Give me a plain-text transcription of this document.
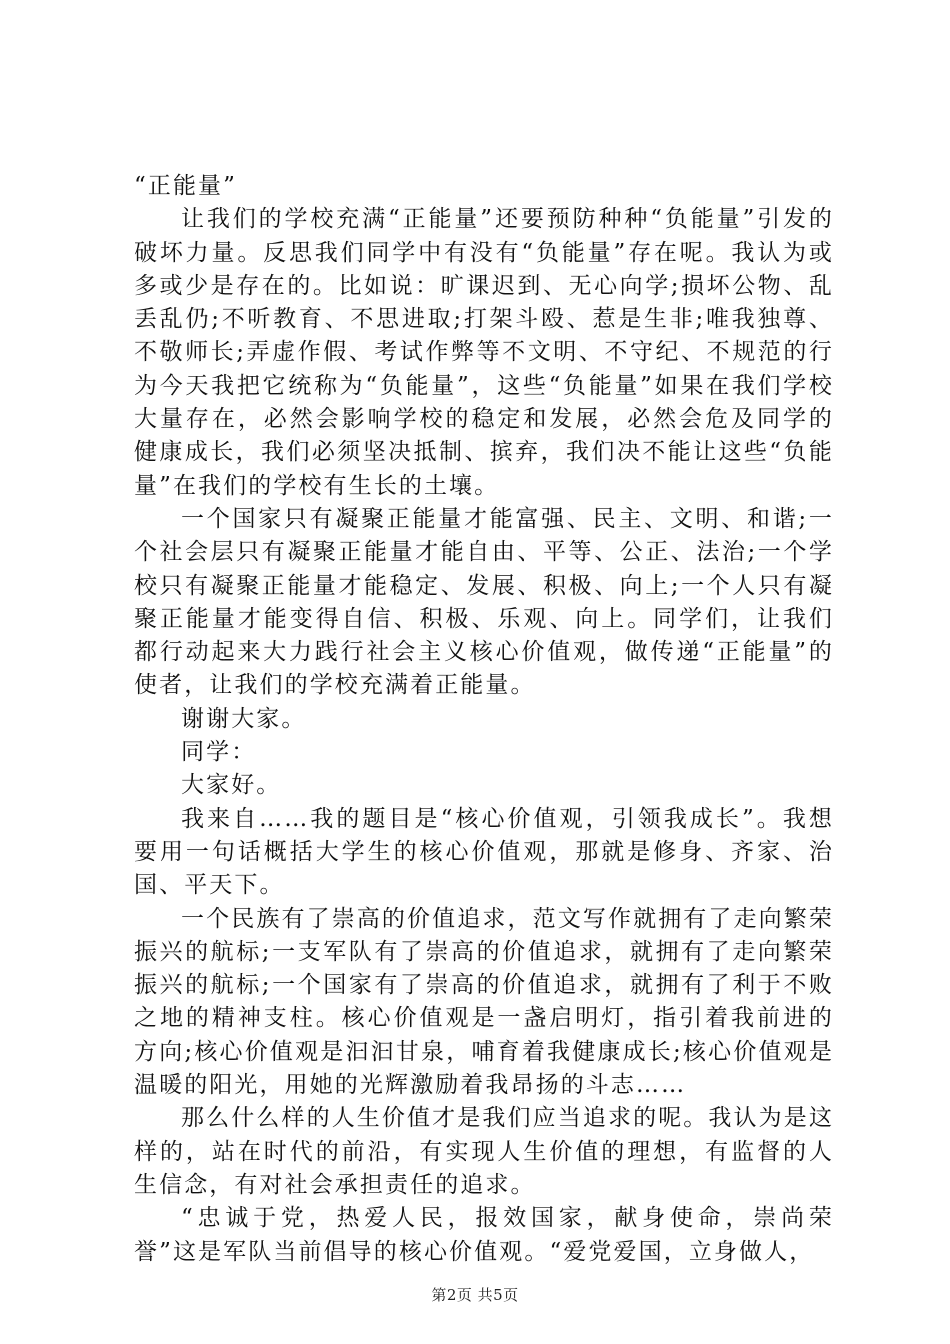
“正能量”

让我们的学校充满“正能量”还要预防种种“负能量”引发的破坏力量。反思我们同学中有没有“负能量”存在呢。我认为或多或少是存在的。比如说：旷课迟到、无心向学;损坏公物、乱丢乱仍;不听教育、不思进取;打架斗殴、惹是生非;唯我独尊、不敬师长;弄虚作假、考试作弊等不文明、不守纪、不规范的行为今天我把它统称为“负能量”，这些“负能量”如果在我们学校大量存在，必然会影响学校的稳定和发展，必然会危及同学的健康成长，我们必须坚决抵制、摈弃，我们决不能让这些“负能量”在我们的学校有生长的土壤。

一个国家只有凝聚正能量才能富强、民主、文明、和谐;一个社会层只有凝聚正能量才能自由、平等、公正、法治;一个学校只有凝聚正能量才能稳定、发展、积极、向上;一个人只有凝聚正能量才能变得自信、积极、乐观、向上。同学们，让我们都行动起来大力践行社会主义核心价值观，做传递“正能量”的使者，让我们的学校充满着正能量。

谢谢大家。

同学：

大家好。

我来自……我的题目是“核心价值观，引领我成长”。我想要用一句话概括大学生的核心价值观，那就是修身、齐家、治国、平天下。

一个民族有了崇高的价值追求，范文写作就拥有了走向繁荣振兴的航标;一支军队有了崇高的价值追求，就拥有了走向繁荣振兴的航标;一个国家有了崇高的价值追求，就拥有了利于不败之地的精神支柱。核心价值观是一盏启明灯，指引着我前进的方向;核心价值观是汩汩甘泉，哺育着我健康成长;核心价值观是温暖的阳光，用她的光辉激励着我昂扬的斗志……

那么什么样的人生价值才是我们应当追求的呢。我认为是这样的，站在时代的前沿，有实现人生价值的理想，有监督的人生信念，有对社会承担责任的追求。

“忠诚于党，热爱人民，报效国家，献身使命，崇尚荣誉”这是军队当前倡导的核心价值观。“爱党爱国，立身做人，

第2页 共5页
